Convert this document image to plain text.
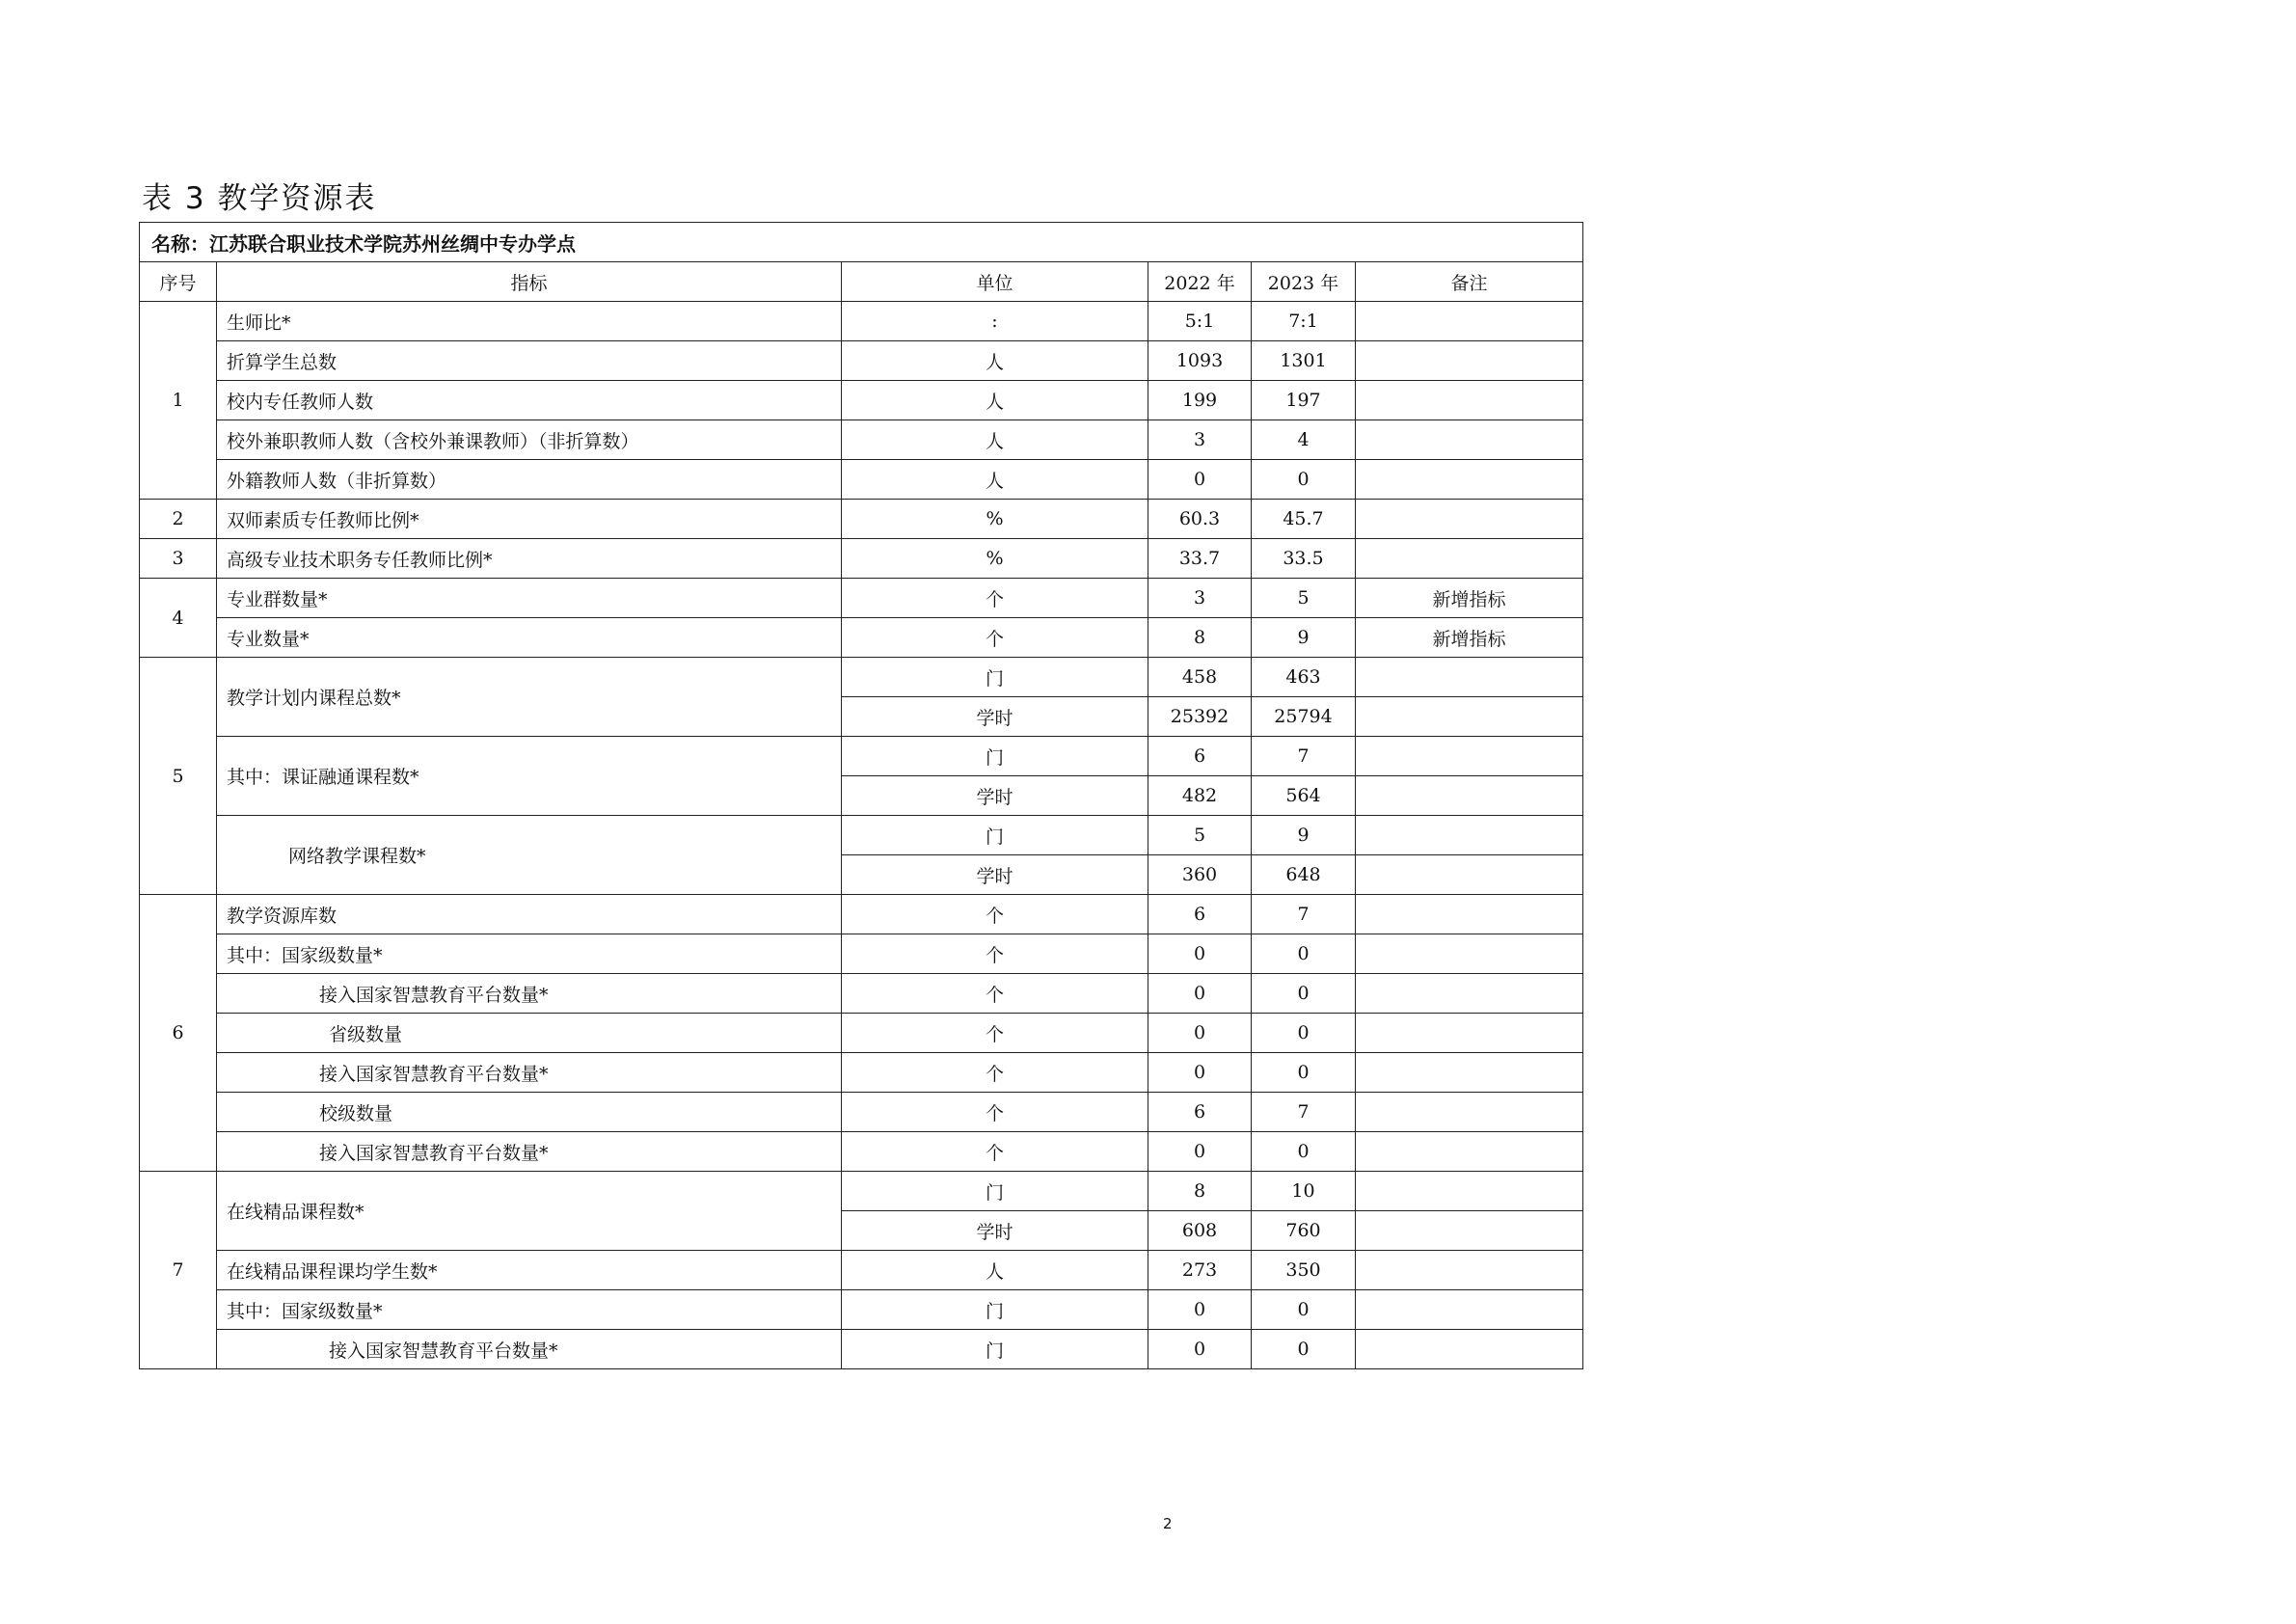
表 3 教学资源表
名称：江苏联合职业技术学院苏州丝绸中专办学点					
序号	指标	单位	2022 年	2023 年	备注
1	生师比*	:	5:1	7:1	
	折算学生总数	人	1093	1301	
	校内专任教师人数	人	199	197	
	校外兼职教师人数（含校外兼课教师）（非折算数）	人	3	4	
	外籍教师人数（非折算数）	人	0	0	
2	双师素质专任教师比例*	%	60.3	45.7	
3	高级专业技术职务专任教师比例*	%	33.7	33.5	
4	专业群数量*	个	3	5	新增指标
	专业数量*	个	8	9	新增指标
5	教学计划内课程总数*	门	458	463	
		学时	25392	25794	
	其中：课证融通课程数*	门	6	7	
		学时	482	564	
	网络教学课程数*	门	5	9	
		学时	360	648	
6	教学资源库数	个	6	7	
	其中：国家级数量*	个	0	0	
	接入国家智慧教育平台数量*	个	0	0	
	省级数量	个	0	0	
	接入国家智慧教育平台数量*	个	0	0	
	校级数量	个	6	7	
	接入国家智慧教育平台数量*	个	0	0	
7	在线精品课程数*	门	8	10	
		学时	608	760	
	在线精品课程课均学生数*	人	273	350	
	其中：国家级数量*	门	0	0	
	接入国家智慧教育平台数量*	门	0	0	
2
